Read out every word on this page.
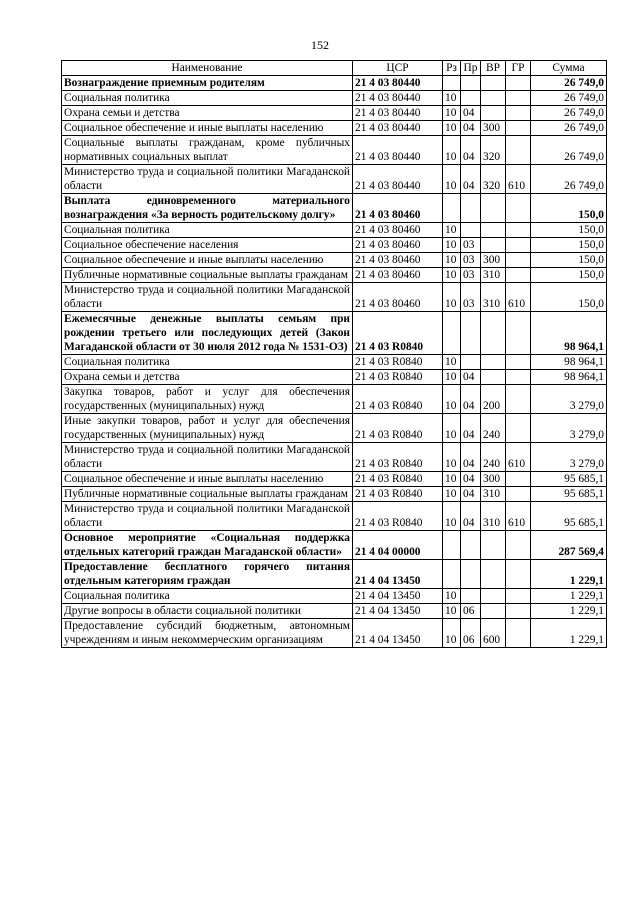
152
Наименование	ЦСР	Рз	Пр	ВР	ГР	Сумма
Вознаграждение приемным родителям	21 4 03 80440					26 749,0
Социальная политика	21 4 03 80440	10				26 749,0
Охрана семьи и детства	21 4 03 80440	10	04			26 749,0
Социальное обеспечение и иные выплаты населению	21 4 03 80440	10	04	300		26 749,0
Социальные выплаты гражданам, кроме публичных нормативных социальных выплат	21 4 03 80440	10	04	320		26 749,0
Министерство труда и социальной политики Магаданской области	21 4 03 80440	10	04	320	610	26 749,0
Выплата единовременного материального вознаграждения «За верность родительскому долгу»	21 4 03 80460					150,0
Социальная политика	21 4 03 80460	10				150,0
Социальное обеспечение населения	21 4 03 80460	10	03			150,0
Социальное обеспечение и иные выплаты населению	21 4 03 80460	10	03	300		150,0
Публичные нормативные социальные выплаты гражданам	21 4 03 80460	10	03	310		150,0
Министерство труда и социальной политики Магаданской области	21 4 03 80460	10	03	310	610	150,0
Ежемесячные денежные выплаты семьям при рождении третьего или последующих детей (Закон Магаданской области от 30 июля 2012 года № 1531-ОЗ)	21 4 03 R0840					98 964,1
Социальная политика	21 4 03 R0840	10				98 964,1
Охрана семьи и детства	21 4 03 R0840	10	04			98 964,1
Закупка товаров, работ и услуг для обеспечения государственных (муниципальных) нужд	21 4 03 R0840	10	04	200		3 279,0
Иные закупки товаров, работ и услуг для обеспечения государственных (муниципальных) нужд	21 4 03 R0840	10	04	240		3 279,0
Министерство труда и социальной политики Магаданской области	21 4 03 R0840	10	04	240	610	3 279,0
Социальное обеспечение и иные выплаты населению	21 4 03 R0840	10	04	300		95 685,1
Публичные нормативные социальные выплаты гражданам	21 4 03 R0840	10	04	310		95 685,1
Министерство труда и социальной политики Магаданской области	21 4 03 R0840	10	04	310	610	95 685,1
Основное мероприятие «Социальная поддержка отдельных категорий граждан Магаданской области»	21 4 04 00000					287 569,4
Предоставление бесплатного горячего питания отдельным категориям граждан	21 4 04 13450					1 229,1
Социальная политика	21 4 04 13450	10				1 229,1
Другие вопросы в области социальной политики	21 4 04 13450	10	06			1 229,1
Предоставление субсидий бюджетным, автономным учреждениям и иным некоммерческим организациям	21 4 04 13450	10	06	600		1 229,1
